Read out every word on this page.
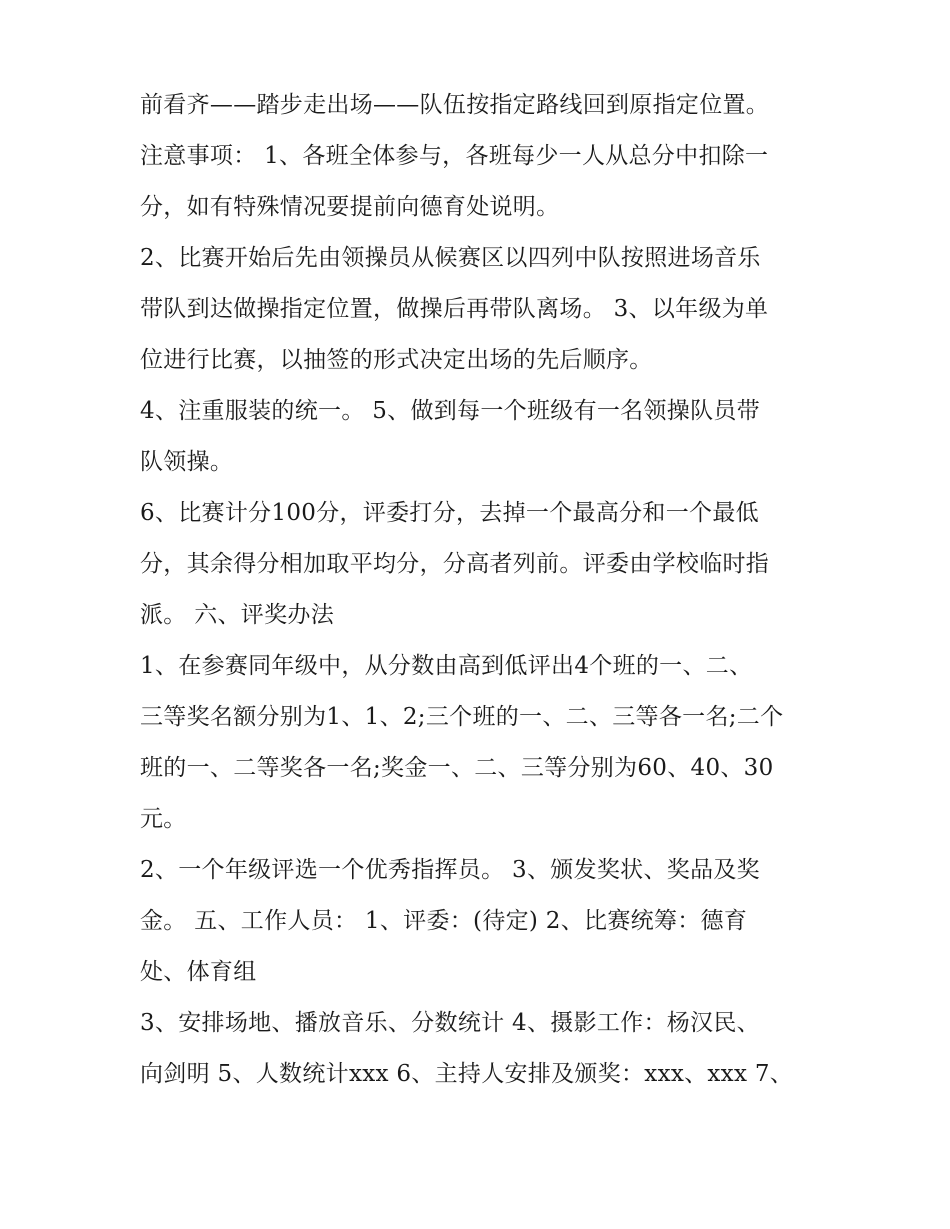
前看齐——踏步走出场——队伍按指定路线回到原指定位置。
注意事项： 1、各班全体参与，各班每少一人从总分中扣除一
分，如有特殊情况要提前向德育处说明。
2、比赛开始后先由领操员从候赛区以四列中队按照进场音乐
带队到达做操指定位置，做操后再带队离场。 3、以年级为单
位进行比赛，以抽签的形式决定出场的先后顺序。
4、注重服装的统一。 5、做到每一个班级有一名领操队员带
队领操。
6、比赛计分100分，评委打分，去掉一个最高分和一个最低
分，其余得分相加取平均分，分高者列前。评委由学校临时指
派。 六、评奖办法
1、在参赛同年级中，从分数由高到低评出4个班的一、二、
三等奖名额分别为1、1、2;三个班的一、二、三等各一名;二个
班的一、二等奖各一名;奖金一、二、三等分别为60、40、30
元。
2、一个年级评选一个优秀指挥员。 3、颁发奖状、奖品及奖
金。 五、工作人员： 1、评委：(待定) 2、比赛统筹：德育
处、体育组
3、安排场地、播放音乐、分数统计 4、摄影工作：杨汉民、
向剑明 5、人数统计xxx 6、主持人安排及颁奖：xxx、xxx 7、
